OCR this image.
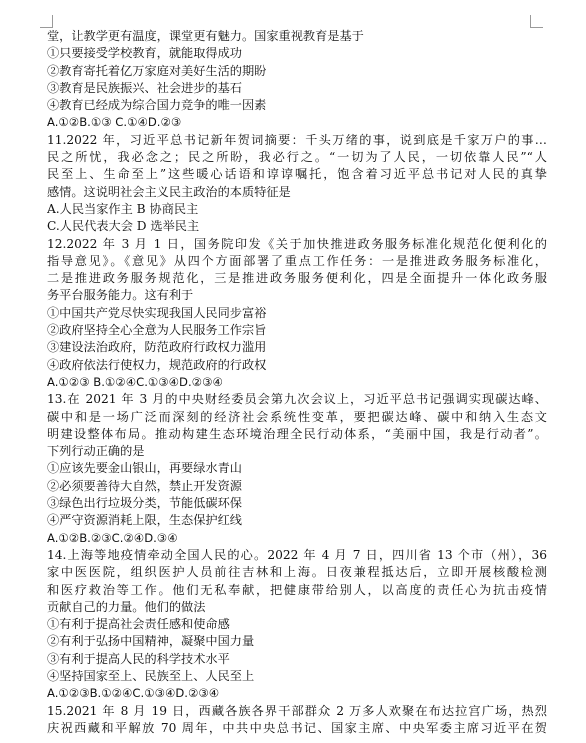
堂，让教学更有温度，课堂更有魅力。国家重视教育是基于
①只要接受学校教育，就能取得成功
②教育寄托着亿万家庭对美好生活的期盼
③教育是民族振兴、社会进步的基石
④教育已经成为综合国力竞争的唯一因素
A.①②B.①③ C.①④D.②③
11.2022 年，习近平总书记新年贺词摘要：千头万绪的事，说到底是千家万户的事…
民之所忧，我必念之；民之所盼，我必行之。“一切为了人民，一切依靠人民”“人
民至上、生命至上”这些暖心话语和谆谆嘱托，饱含着习近平总书记对人民的真挚
感情。这说明社会主义民主政治的本质特征是
A.人民当家作主 B 协商民主
C.人民代表大会 D 选举民主
12.2022 年 3 月 1 日，国务院印发《关于加快推进政务服务标准化规范化便利化的
指导意见》。《意见》从四个方面部署了重点工作任务：一是推进政务服务标准化，
二是推进政务服务规范化，三是推进政务服务便利化，四是全面提升一体化政务服
务平台服务能力。这有利于
①中国共产党尽快实现我国人民同步富裕
②政府坚持全心全意为人民服务工作宗旨
③建设法治政府，防范政府行政权力滥用
④政府依法行使权力，规范政府的行政权
A.①②③ B.①②④C.①③④D.②③④
13.在 2021 年 3 月的中央财经委员会第九次会议上，习近平总书记强调实现碳达峰、
碳中和是一场广泛而深刻的经济社会系统性变革，要把碳达峰、碳中和纳入生态文
明建设整体布局。推动构建生态环境治理全民行动体系，“美丽中国，我是行动者”。
下列行动正确的是
①应该先要金山银山，再要绿水青山
②必须要善待大自然，禁止开发资源
③绿色出行垃圾分类，节能低碳环保
④严守资源消耗上限，生态保护红线
A.①②B.②③C.②④D.③④
14.上海等地疫情牵动全国人民的心。2022 年 4 月 7 日，四川省 13 个市（州），36
家中医医院，组织医护人员前往吉林和上海。日夜兼程抵达后，立即开展核酸检测
和医疗救治等工作。他们无私奉献，把健康带给别人，以高度的责任心为抗击疫情
贡献自己的力量。他们的做法
①有利于提高社会责任感和使命感
②有利于弘扬中国精神，凝聚中国力量
③有利于提高人民的科学技术水平
④坚持国家至上、民族至上、人民至上
A.①②③B.①②④C.①③④D.②③④
15.2021 年 8 月 19 日，西藏各族各界干部群众 2 万多人欢聚在布达拉宫广场，热烈
庆祝西藏和平解放 70 周年，中共中央总书记、国家主席、中央军委主席习近平在贺
